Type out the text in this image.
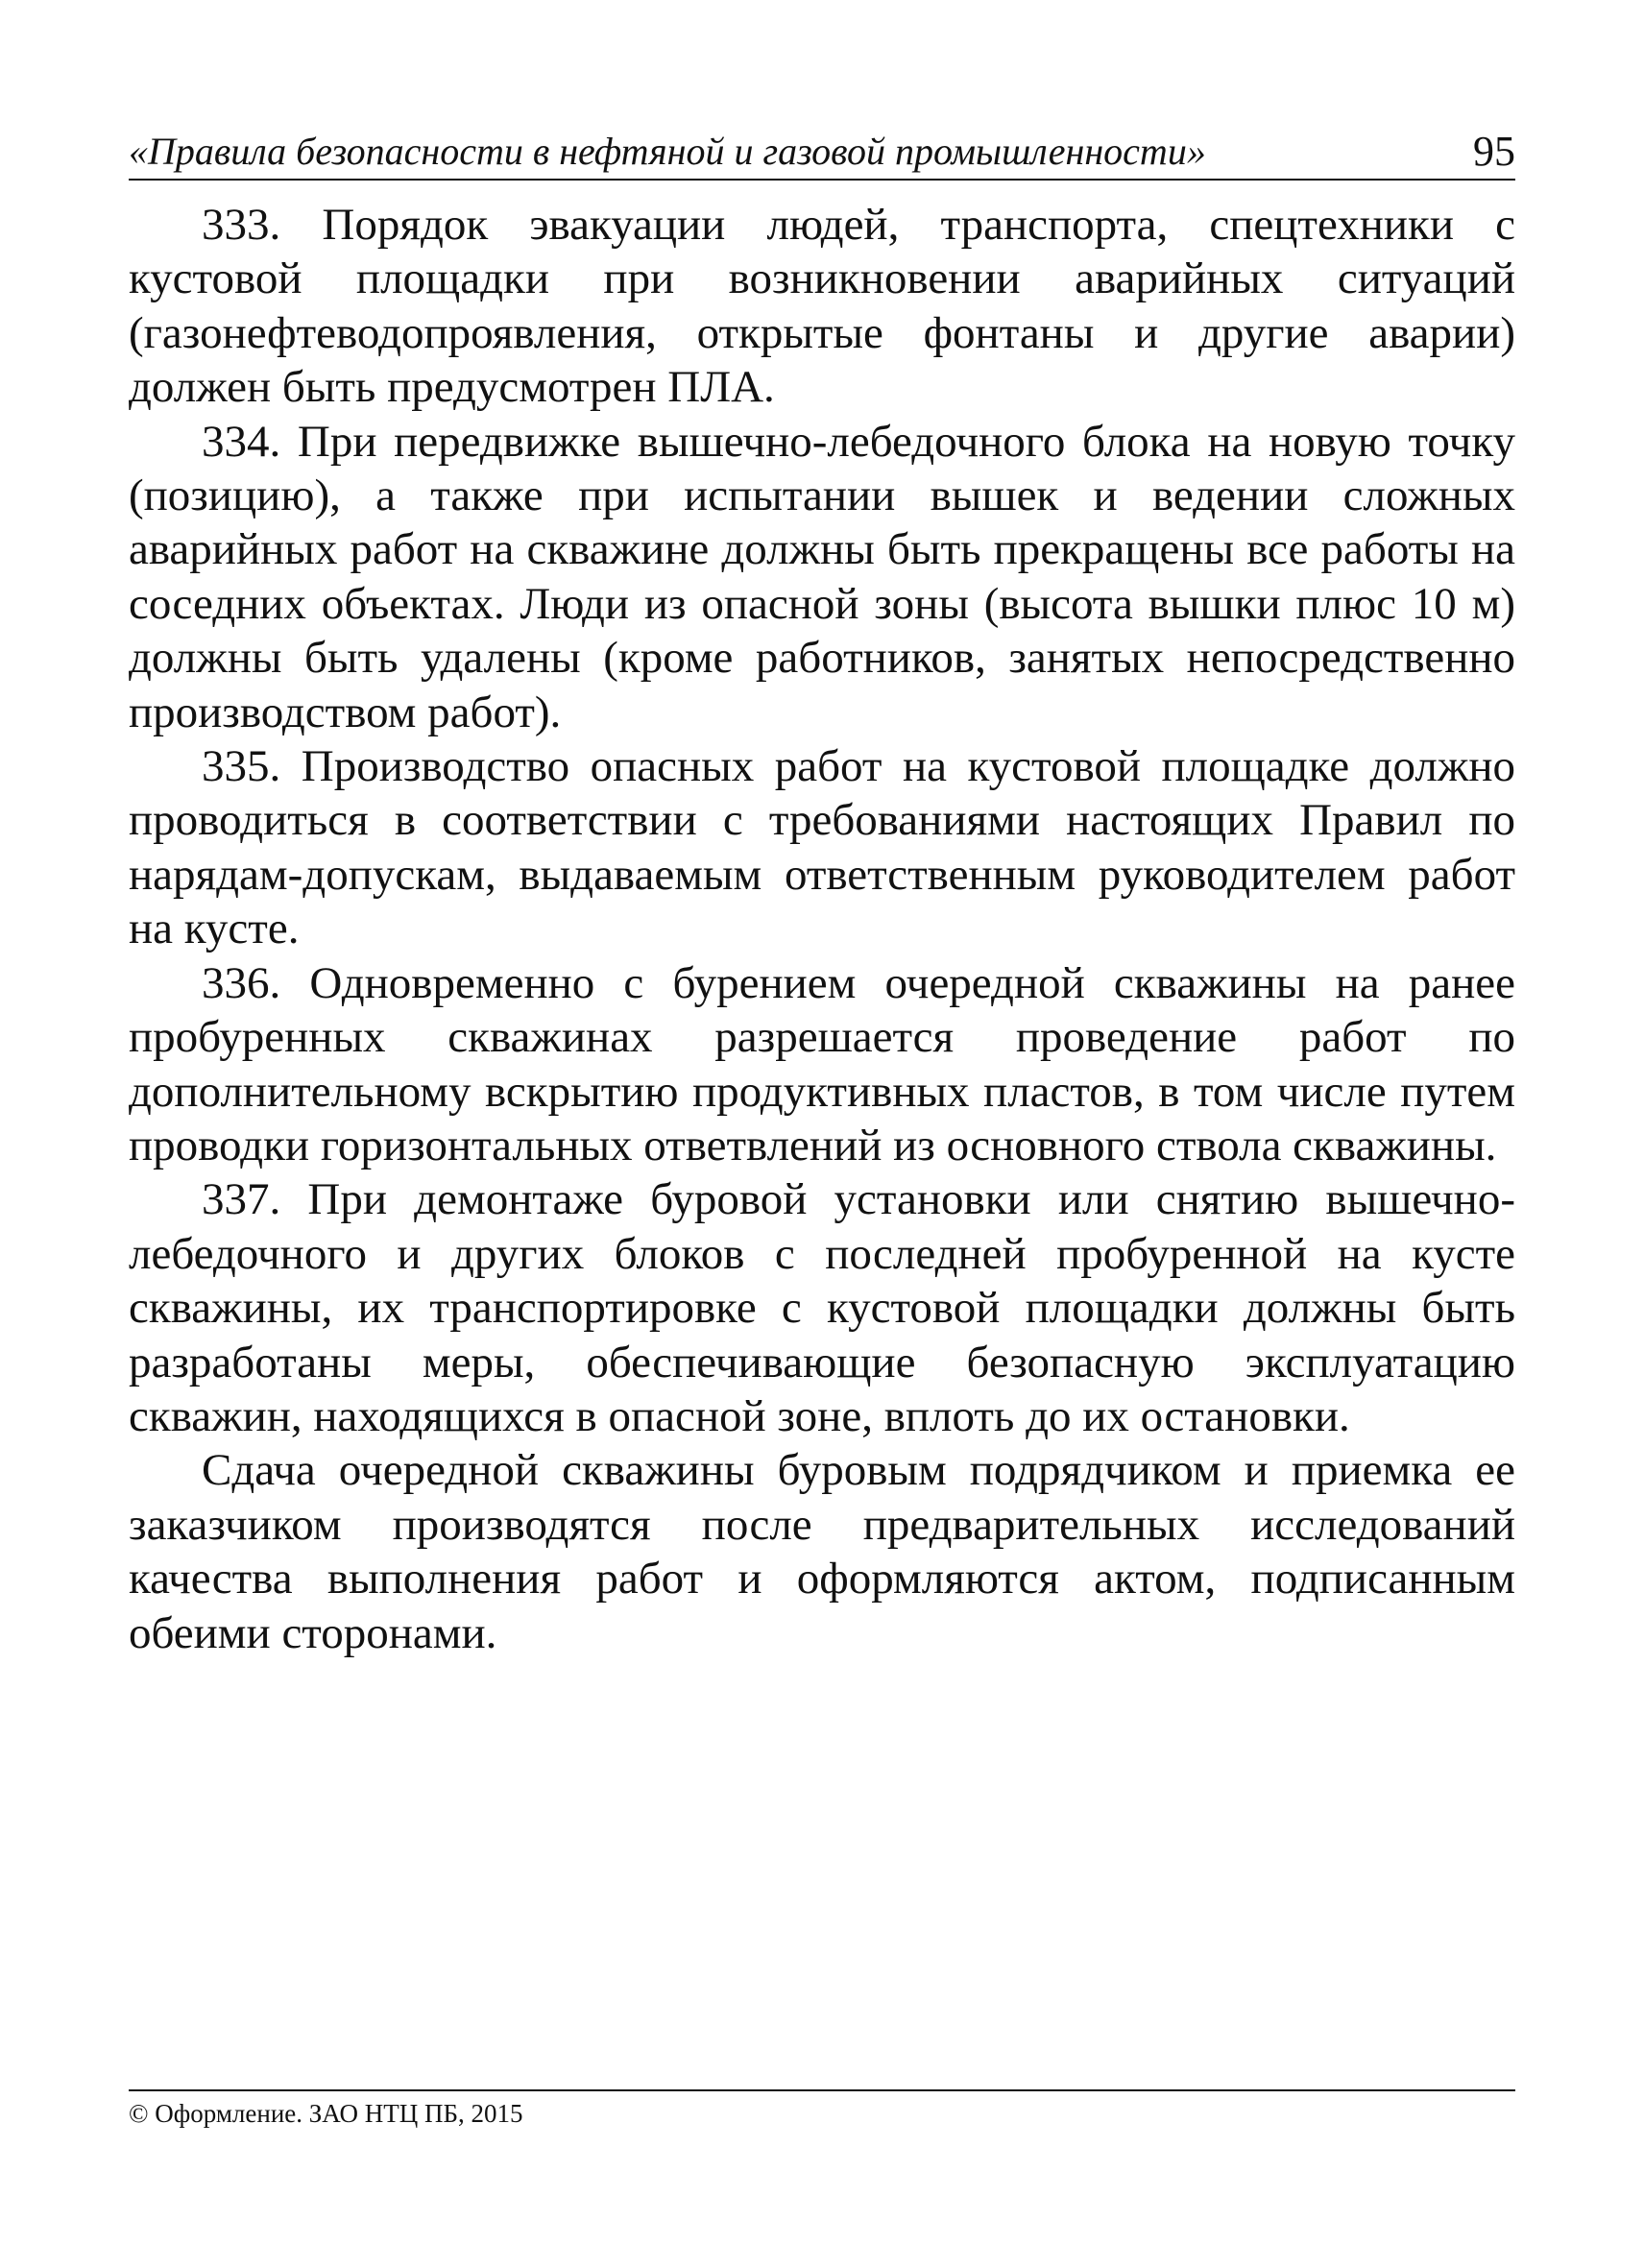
«Правила безопасности в нефтяной и газовой промышленности»	95

333. Порядок эвакуации людей, транспорта, спецтехники с кустовой площадки при возникновении аварийных ситуаций (газонефтеводопроявления, открытые фонтаны и другие аварии) должен быть предусмотрен ПЛА.

334. При передвижке вышечно-лебедочного блока на новую точку (позицию), а также при испытании вышек и ведении сложных аварийных работ на скважине должны быть прекращены все работы на соседних объектах. Люди из опасной зоны (высота вышки плюс 10 м) должны быть удалены (кроме работников, занятых непосредственно производством работ).

335. Производство опасных работ на кустовой площадке должно проводиться в соответствии с требованиями настоящих Правил по нарядам-допускам, выдаваемым ответственным руководителем работ на кусте.

336. Одновременно с бурением очередной скважины на ранее пробуренных скважинах разрешается проведение работ по дополнительному вскрытию продуктивных пластов, в том числе путем проводки горизонтальных ответвлений из основного ствола скважины.

337. При демонтаже буровой установки или снятию вышечно-лебедочного и других блоков с последней пробуренной на кусте скважины, их транспортировке с кустовой площадки должны быть разработаны меры, обеспечивающие безопасную эксплуатацию скважин, находящихся в опасной зоне, вплоть до их остановки.

Сдача очередной скважины буровым подрядчиком и приемка ее заказчиком производятся после предварительных исследований качества выполнения работ и оформляются актом, подписанным обеими сторонами.

© Оформление. ЗАО НТЦ ПБ, 2015
